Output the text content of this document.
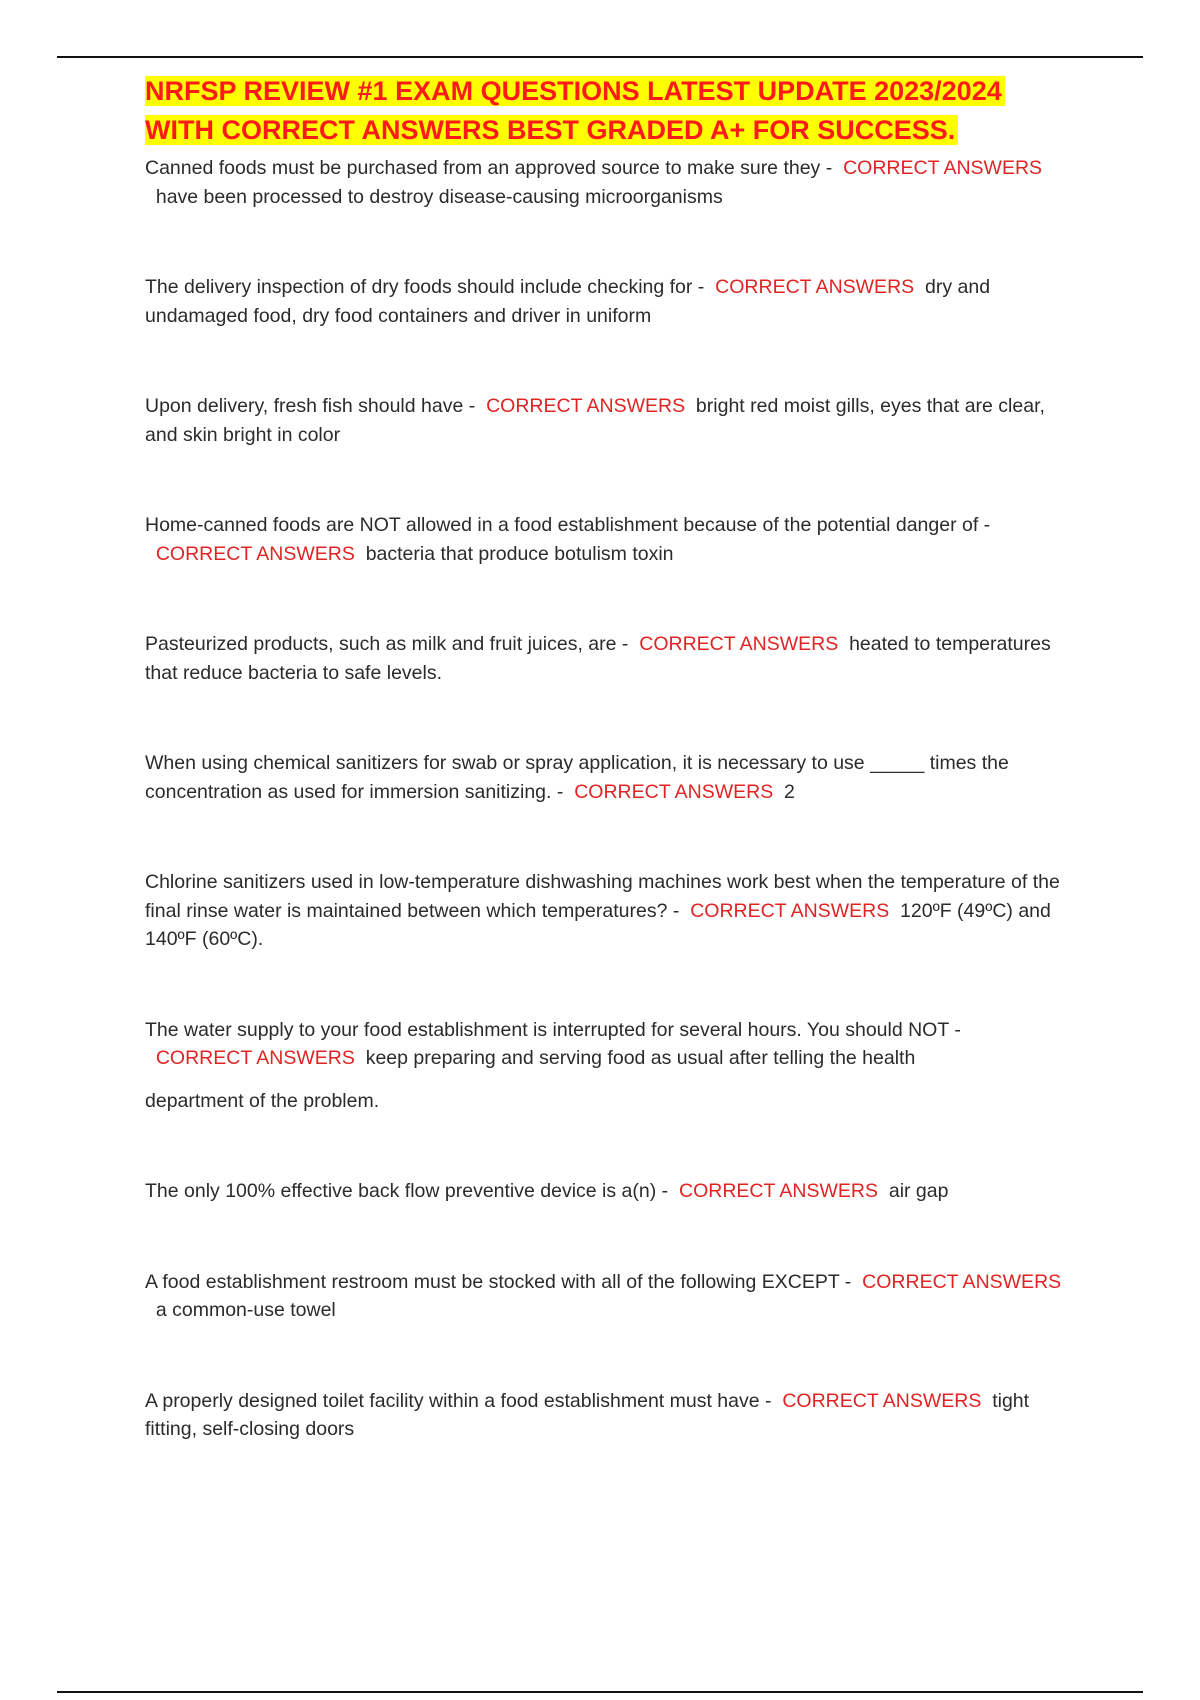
NRFSP REVIEW #1 EXAM QUESTIONS LATEST UPDATE 2023/2024
WITH CORRECT ANSWERS BEST GRADED A+ FOR SUCCESS.

Canned foods must be purchased from an approved source to make sure they - CORRECT ANSWERS  have been processed to destroy disease-causing microorganisms

The delivery inspection of dry foods should include checking for - CORRECT ANSWERS dry and undamaged food, dry food containers and driver in uniform

Upon delivery, fresh fish should have - CORRECT ANSWERS bright red moist gills, eyes that are clear, and skin bright in color

Home-canned foods are NOT allowed in a food establishment because of the potential danger of -  CORRECT ANSWERS bacteria that produce botulism toxin

Pasteurized products, such as milk and fruit juices, are - CORRECT ANSWERS heated to temperatures that reduce bacteria to safe levels.

When using chemical sanitizers for swab or spray application, it is necessary to use _____ times the concentration as used for immersion sanitizing. - CORRECT ANSWERS 2

Chlorine sanitizers used in low-temperature dishwashing machines work best when the temperature of the final rinse water is maintained between which temperatures? - CORRECT ANSWERS 120ºF (49ºC) and 140ºF (60ºC).

The water supply to your food establishment is interrupted for several hours. You should NOT -  CORRECT ANSWERS keep preparing and serving food as usual after telling the health

department of the problem.

The only 100% effective back flow preventive device is a(n) - CORRECT ANSWERS air gap

A food establishment restroom must be stocked with all of the following EXCEPT - CORRECT ANSWERS  a common-use towel

A properly designed toilet facility within a food establishment must have - CORRECT ANSWERS tight fitting, self-closing doors
